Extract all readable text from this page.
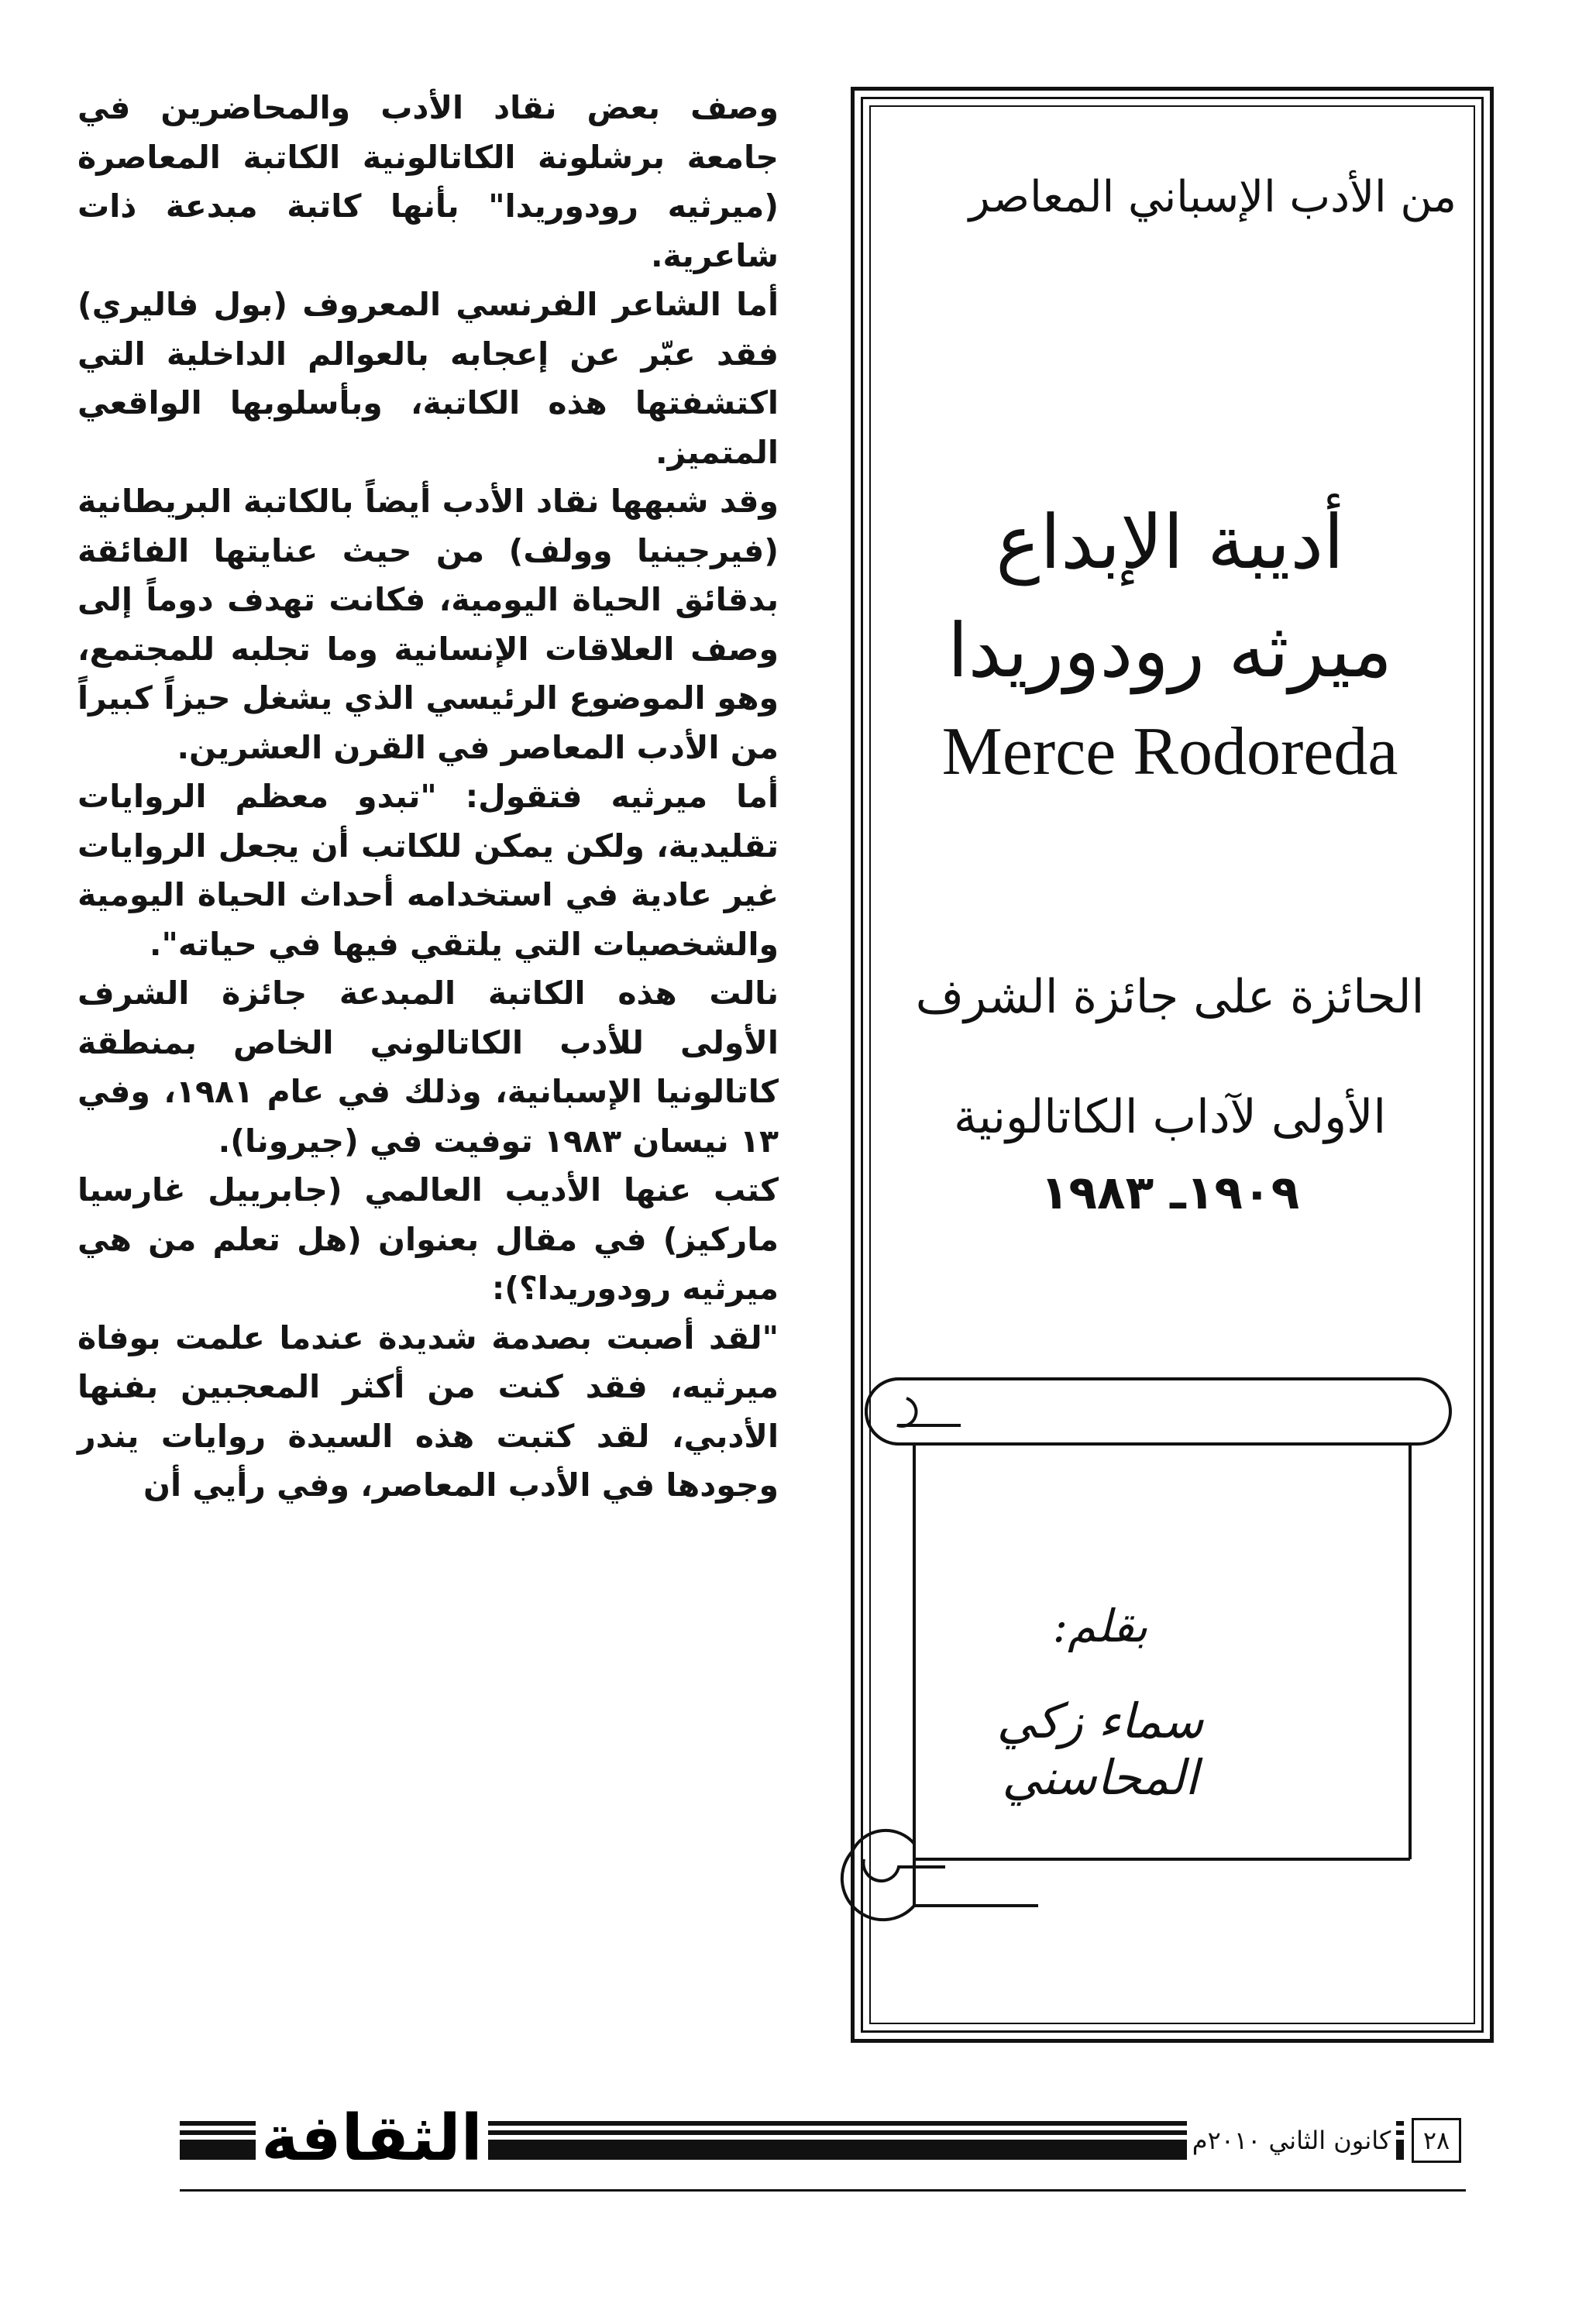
وصف بعض نقاد الأدب والمحاضرين في جامعة برشلونة الكاتالونية الكاتبة المعاصرة (ميرثيه رودوريدا" بأنها كاتبة مبدعة ذات شاعرية.

أما الشاعر الفرنسي المعروف (بول فاليري) فقد عبّر عن إعجابه بالعوالم الداخلية التي اكتشفتها هذه الكاتبة، وبأسلوبها الواقعي المتميز.

وقد شبهها نقاد الأدب أيضاً بالكاتبة البريطانية (فيرجينيا وولف) من حيث عنايتها الفائقة بدقائق الحياة اليومية، فكانت تهدف دوماً إلى وصف العلاقات الإنسانية وما تجلبه للمجتمع، وهو الموضوع الرئيسي الذي يشغل حيزاً كبيراً من الأدب المعاصر في القرن العشرين.

أما ميرثيه فتقول: "تبدو معظم الروايات تقليدية، ولكن يمكن للكاتب أن يجعل الروايات غير عادية في استخدامه أحداث الحياة اليومية والشخصيات التي يلتقي فيها في حياته".

نالت هذه الكاتبة المبدعة جائزة الشرف الأولى للأدب الكاتالوني الخاص بمنطقة كاتالونيا الإسبانية، وذلك في عام ١٩٨١، وفي ١٣ نيسان ١٩٨٣ توفيت في (جيرونا).

كتب عنها الأديب العالمي (جابرييل غارسيا ماركيز) في مقال بعنوان (هل تعلم من هي ميرثيه رودوريدا؟):

"لقد أصبت بصدمة شديدة عندما علمت بوفاة ميرثيه، فقد كنت من أكثر المعجبين بفنها الأدبي، لقد كتبت هذه السيدة روايات يندر وجودها في الأدب المعاصر، وفي رأيي أن

من الأدب الإسباني المعاصر
أديبة الإبداع
ميرثه رودوريدا
Merce Rodoreda
الحائزة على جائزة الشرف
الأولى لآداب الكاتالونية
١٩٠٩ـ ١٩٨٣
بقلم:
سماء زكي المحاسني
الثقافة	كانون الثاني ٢٠١٠م	٢٨
